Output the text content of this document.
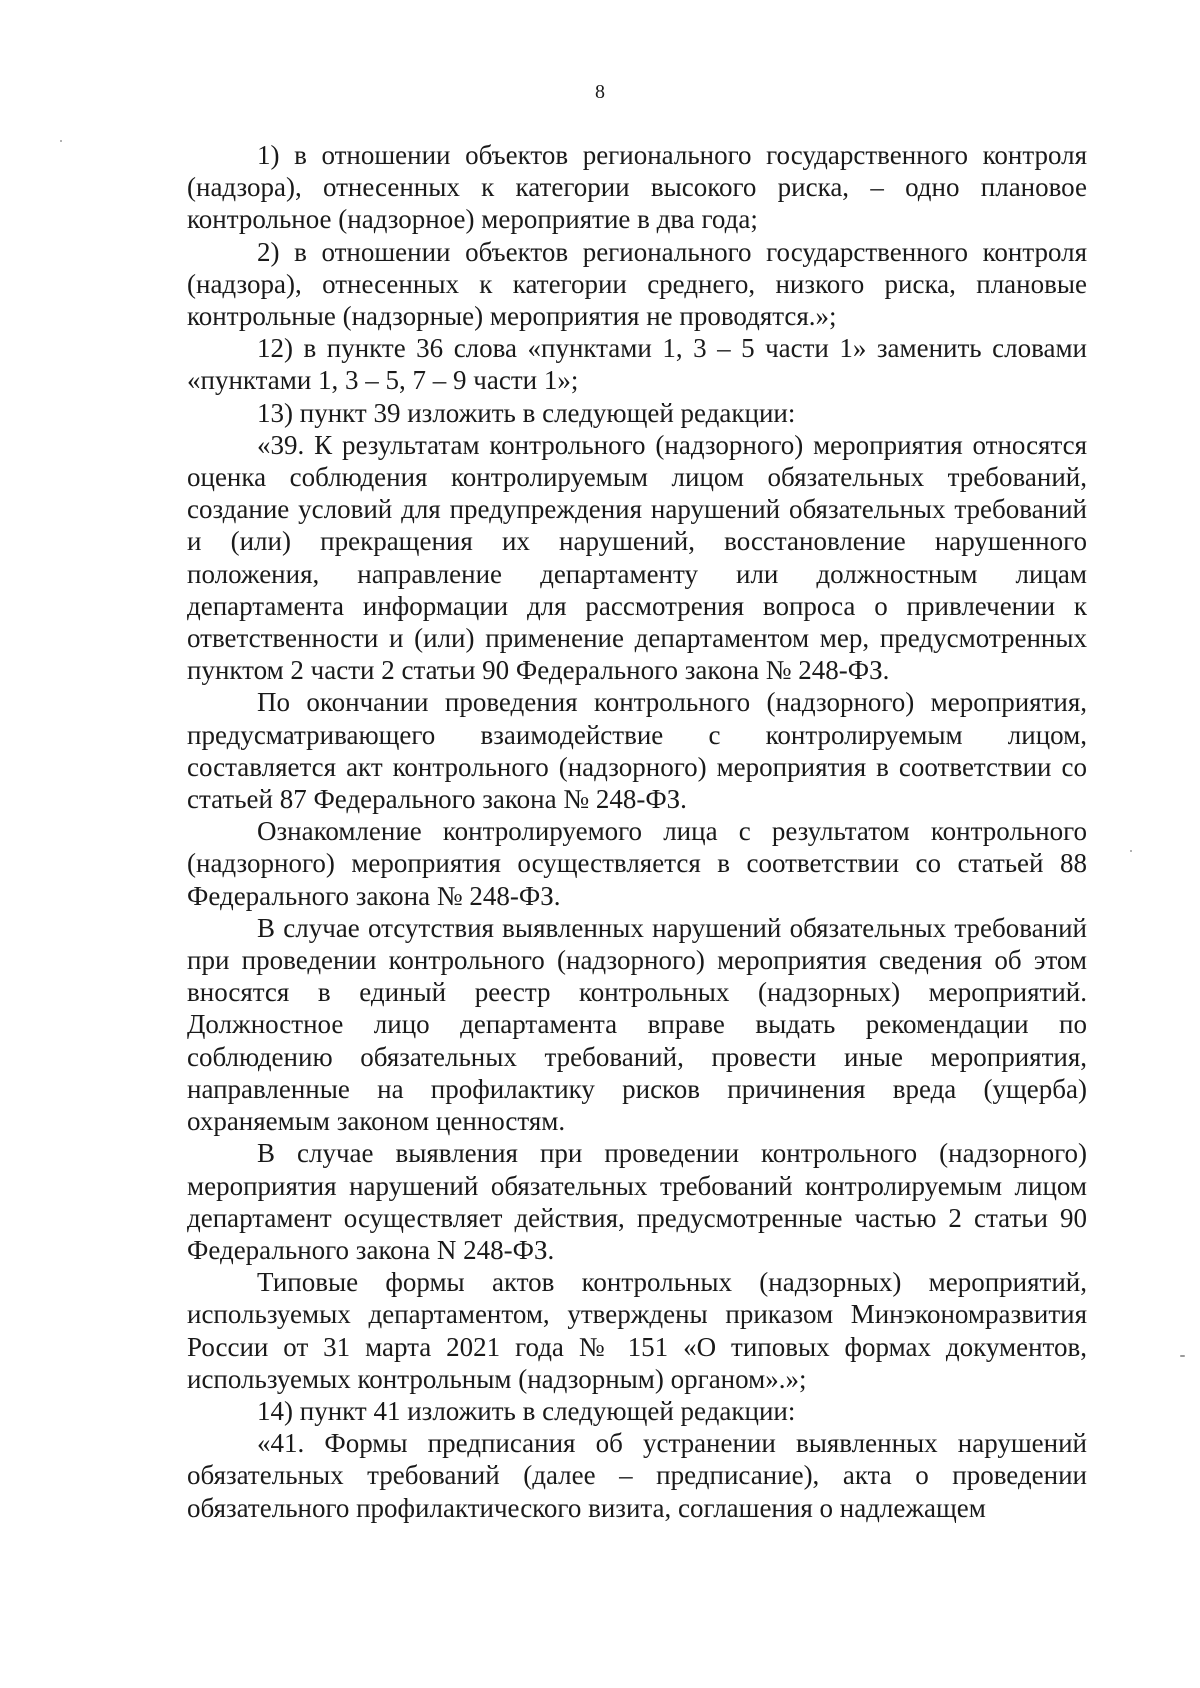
8

1) в отношении объектов регионального государственного контроля (надзора), отнесенных к категории высокого риска, – одно плановое контрольное (надзорное) мероприятие в два года;

2) в отношении объектов регионального государственного контроля (надзора), отнесенных к категории среднего, низкого риска, плановые контрольные (надзорные) мероприятия не проводятся.»;

12) в пункте 36 слова «пунктами 1, 3 – 5 части 1» заменить словами «пунктами 1, 3 – 5, 7 – 9 части 1»;

13) пункт 39 изложить в следующей редакции:

«39. К результатам контрольного (надзорного) мероприятия относятся оценка соблюдения контролируемым лицом обязательных требований, создание условий для предупреждения нарушений обязательных требований и (или) прекращения их нарушений, восстановление нарушенного положения, направление департаменту или должностным лицам департамента информации для рассмотрения вопроса о привлечении к ответственности и (или) применение департаментом мер, предусмотренных пунктом 2 части 2 статьи 90 Федерального закона № 248-ФЗ.

По окончании проведения контрольного (надзорного) мероприятия, предусматривающего взаимодействие с контролируемым лицом, составляется акт контрольного (надзорного) мероприятия в соответствии со статьей 87 Федерального закона № 248-ФЗ.

Ознакомление контролируемого лица с результатом контрольного (надзорного) мероприятия осуществляется в соответствии со статьей 88 Федерального закона № 248-ФЗ.

В случае отсутствия выявленных нарушений обязательных требований при проведении контрольного (надзорного) мероприятия сведения об этом вносятся в единый реестр контрольных (надзорных) мероприятий. Должностное лицо департамента вправе выдать рекомендации по соблюдению обязательных требований, провести иные мероприятия, направленные на профилактику рисков причинения вреда (ущерба) охраняемым законом ценностям.

В случае выявления при проведении контрольного (надзорного) мероприятия нарушений обязательных требований контролируемым лицом департамент осуществляет действия, предусмотренные частью 2 статьи 90 Федерального закона N 248-ФЗ.

Типовые формы актов контрольных (надзорных) мероприятий, используемых департаментом, утверждены приказом Минэкономразвития России от 31 марта 2021 года № 151 «О типовых формах документов, используемых контрольным (надзорным) органом».»;

14) пункт 41 изложить в следующей редакции:

«41. Формы предписания об устранении выявленных нарушений обязательных требований (далее – предписание), акта о проведении обязательного профилактического визита, соглашения о надлежащем
